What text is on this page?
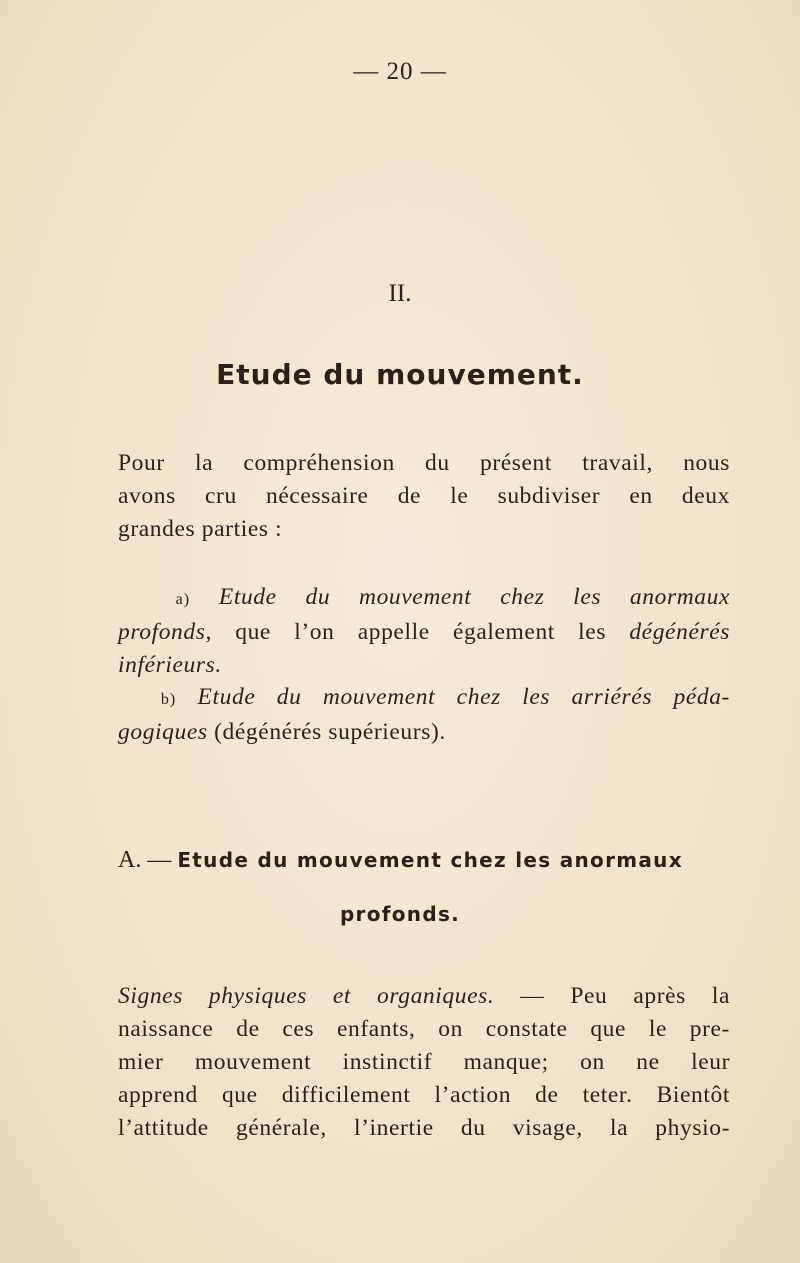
— 20 —
II.
Etude du mouvement.
Pour la compréhension du présent travail, nous
avons cru nécessaire de le subdiviser en deux
grandes parties :
a) Etude du mouvement chez les anormaux
profonds, que l’on appelle également les dégénérés
inférieurs.
b) Etude du mouvement chez les arriérés péda-
gogiques (dégénérés supérieurs).
A. — Etude du mouvement chez les anormaux
profonds.
Signes physiques et organiques. — Peu après la
naissance de ces enfants, on constate que le pre-
mier mouvement instinctif manque; on ne leur
apprend que difficilement l’action de teter. Bientôt
l’attitude générale, l’inertie du visage, la physio-
